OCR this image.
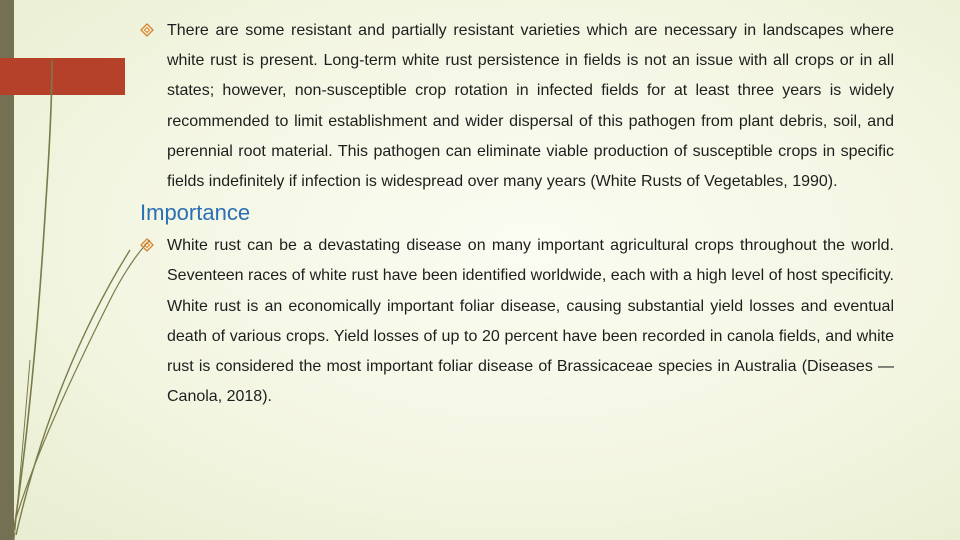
There are some resistant and partially resistant varieties which are necessary in landscapes where white rust is present. Long-term white rust persistence in fields is not an issue with all crops or in all states; however, non-susceptible crop rotation in infected fields for at least three years is widely recommended to limit establishment and wider dispersal of this pathogen from plant debris, soil, and perennial root material. This pathogen can eliminate viable production of susceptible crops in specific fields indefinitely if infection is widespread over many years (White Rusts of Vegetables, 1990).

Importance

White rust can be a devastating disease on many important agricultural crops throughout the world. Seventeen races of white rust have been identified worldwide, each with a high level of host specificity. White rust is an economically important foliar disease, causing substantial yield losses and eventual death of various crops. Yield losses of up to 20 percent have been recorded in canola fields, and white rust is considered the most important foliar disease of Brassicaceae species in Australia (Diseases — Canola, 2018).
